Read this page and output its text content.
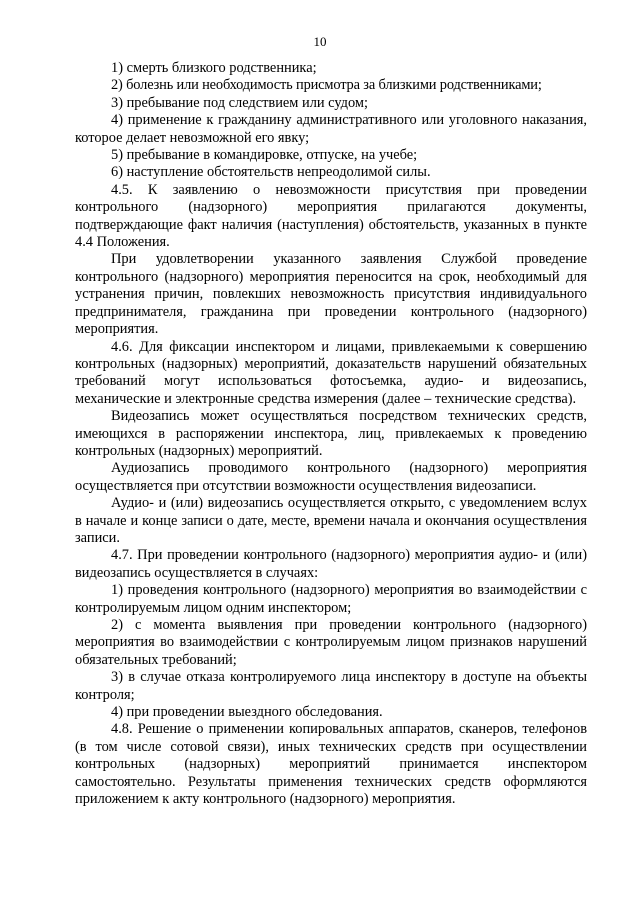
10

1) смерть близкого родственника;

2) болезнь или необходимость присмотра за близкими родственниками;

3) пребывание под следствием или судом;

4) применение к гражданину административного или уголовного наказания, которое делает невозможной его явку;

5) пребывание в командировке, отпуске, на учебе;

6) наступление обстоятельств непреодолимой силы.

4.5. К заявлению о невозможности присутствия при проведении контрольного (надзорного) мероприятия прилагаются документы, подтверждающие факт наличия (наступления) обстоятельств, указанных в пункте 4.4 Положения.

При удовлетворении указанного заявления Службой проведение контрольного (надзорного) мероприятия переносится на срок, необходимый для устранения причин, повлекших невозможность присутствия индивидуального предпринимателя, гражданина при проведении контрольного (надзорного) мероприятия.

4.6. Для фиксации инспектором и лицами, привлекаемыми к совершению контрольных (надзорных) мероприятий, доказательств нарушений обязательных требований могут использоваться фотосъемка, аудио- и видеозапись, механические и электронные средства измерения (далее – технические средства).

Видеозапись может осуществляться посредством технических средств, имеющихся в распоряжении инспектора, лиц, привлекаемых к проведению контрольных (надзорных) мероприятий.

Аудиозапись проводимого контрольного (надзорного) мероприятия осуществляется при отсутствии возможности осуществления видеозаписи.

Аудио- и (или) видеозапись осуществляется открыто, с уведомлением вслух в начале и конце записи о дате, месте, времени начала и окончания осуществления записи.

4.7. При проведении контрольного (надзорного) мероприятия аудио- и (или) видеозапись осуществляется в случаях:

1) проведения контрольного (надзорного) мероприятия во взаимодействии с контролируемым лицом одним инспектором;

2) с момента выявления при проведении контрольного (надзорного) мероприятия во взаимодействии с контролируемым лицом признаков нарушений обязательных требований;

3) в случае отказа контролируемого лица инспектору в доступе на объекты контроля;

4) при проведении выездного обследования.

4.8. Решение о применении копировальных аппаратов, сканеров, телефонов (в том числе сотовой связи), иных технических средств при осуществлении контрольных (надзорных) мероприятий принимается инспектором самостоятельно. Результаты применения технических средств оформляются приложением к акту контрольного (надзорного) мероприятия.
